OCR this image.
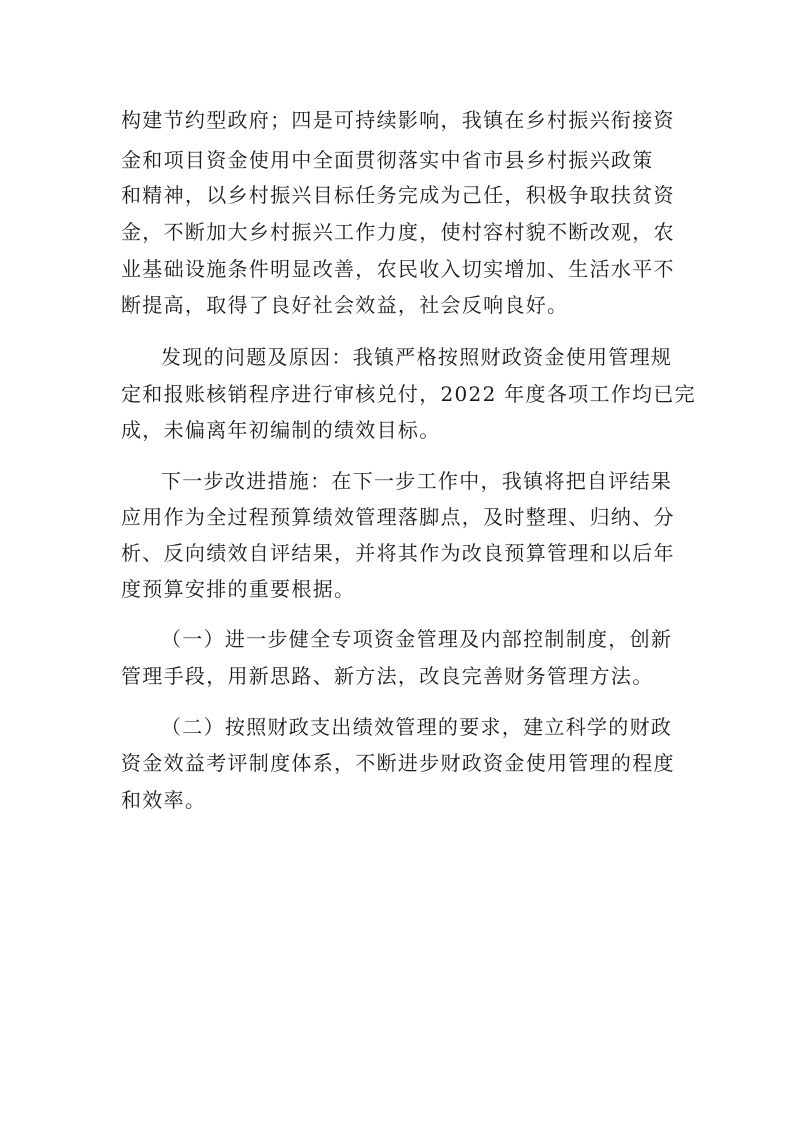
构建节约型政府；四是可持续影响，我镇在乡村振兴衔接资
金和项目资金使用中全面贯彻落实中省市县乡村振兴政策
和精神，以乡村振兴目标任务完成为己任，积极争取扶贫资
金，不断加大乡村振兴工作力度，使村容村貌不断改观，农
业基础设施条件明显改善，农民收入切实增加、生活水平不
断提高，取得了良好社会效益，社会反响良好。
发现的问题及原因：我镇严格按照财政资金使用管理规
定和报账核销程序进行审核兑付，2022 年度各项工作均已完
成，未偏离年初编制的绩效目标。
下一步改进措施：在下一步工作中，我镇将把自评结果
应用作为全过程预算绩效管理落脚点，及时整理、归纳、分
析、反向绩效自评结果，并将其作为改良预算管理和以后年
度预算安排的重要根据。
（一）进一步健全专项资金管理及内部控制制度，创新
管理手段，用新思路、新方法，改良完善财务管理方法。
（二）按照财政支出绩效管理的要求，建立科学的财政
资金效益考评制度体系，不断进步财政资金使用管理的程度
和效率。
